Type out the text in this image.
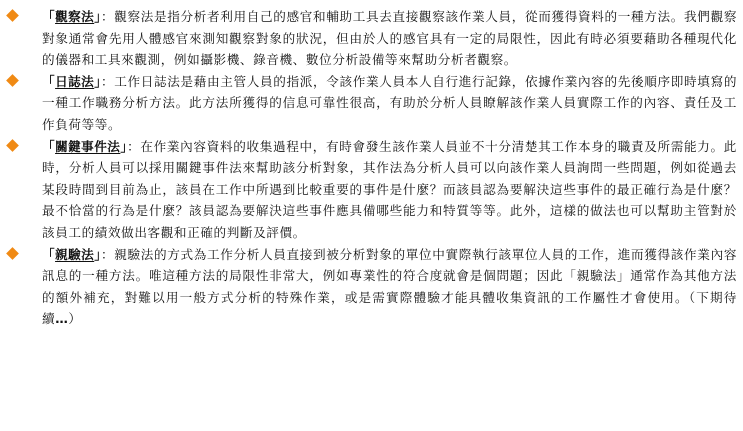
「觀察法」：觀察法是指分析者利用自己的感官和輔助工具去直接觀察該作業人員，從而獲得資料的一種方法。我們觀察對象通常會先用人體感官來測知觀察對象的狀況，但由於人的感官具有一定的局限性，因此有時必須要藉助各種現代化的儀器和工具來觀測，例如攝影機、錄音機、數位分析設備等來幫助分析者觀察。

「日誌法」：工作日誌法是藉由主管人員的指派，令該作業人員本人自行進行記錄，依據作業內容的先後順序即時填寫的一種工作職務分析方法。此方法所獲得的信息可靠性很高，有助於分析人員瞭解該作業人員實際工作的內容、責任及工作負荷等等。

「關鍵事件法」：在作業內容資料的收集過程中，有時會發生該作業人員並不十分清楚其工作本身的職責及所需能力。此時，分析人員可以採用關鍵事件法來幫助該分析對象，其作法為分析人員可以向該作業人員詢問一些問題，例如從過去某段時間到目前為止，該員在工作中所遇到比較重要的事件是什麼？而該員認為要解決這些事件的最正確行為是什麼？最不恰當的行為是什麼？該員認為要解決這些事件應具備哪些能力和特質等等。此外，這樣的做法也可以幫助主管對於該員工的績效做出客觀和正確的判斷及評價。

「親驗法」：親驗法的方式為工作分析人員直接到被分析對象的單位中實際執行該單位人員的工作，進而獲得該作業內容訊息的一種方法。唯這種方法的局限性非常大，例如專業性的符合度就會是個問題；因此「親驗法」通常作為其他方法的額外補充，對難以用一般方式分析的特殊作業，或是需實際體驗才能具體收集資訊的工作屬性才會使用。（下期待續…）
